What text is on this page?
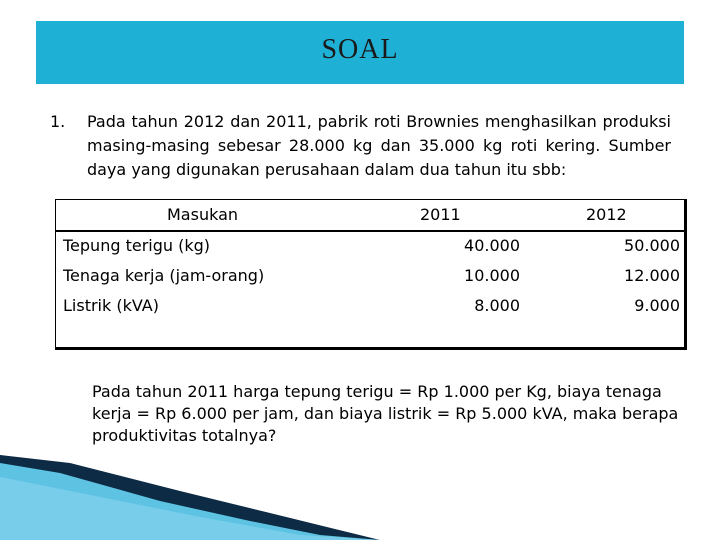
SOAL
1. Pada tahun 2012 dan 2011, pabrik roti Brownies menghasilkan produksi masing-masing sebesar 28.000 kg dan 35.000 kg roti kering. Sumber daya yang digunakan perusahaan dalam dua tahun itu sbb:
Masukan	2011	2012
Tepung terigu (kg)	40.000	50.000
Tenaga kerja (jam-orang)	10.000	12.000
Listrik (kVA)	8.000	9.000
Pada tahun 2011 harga tepung terigu = Rp 1.000 per Kg, biaya tenaga kerja = Rp 6.000 per jam, dan biaya listrik = Rp 5.000 kVA, maka berapa produktivitas totalnya?
